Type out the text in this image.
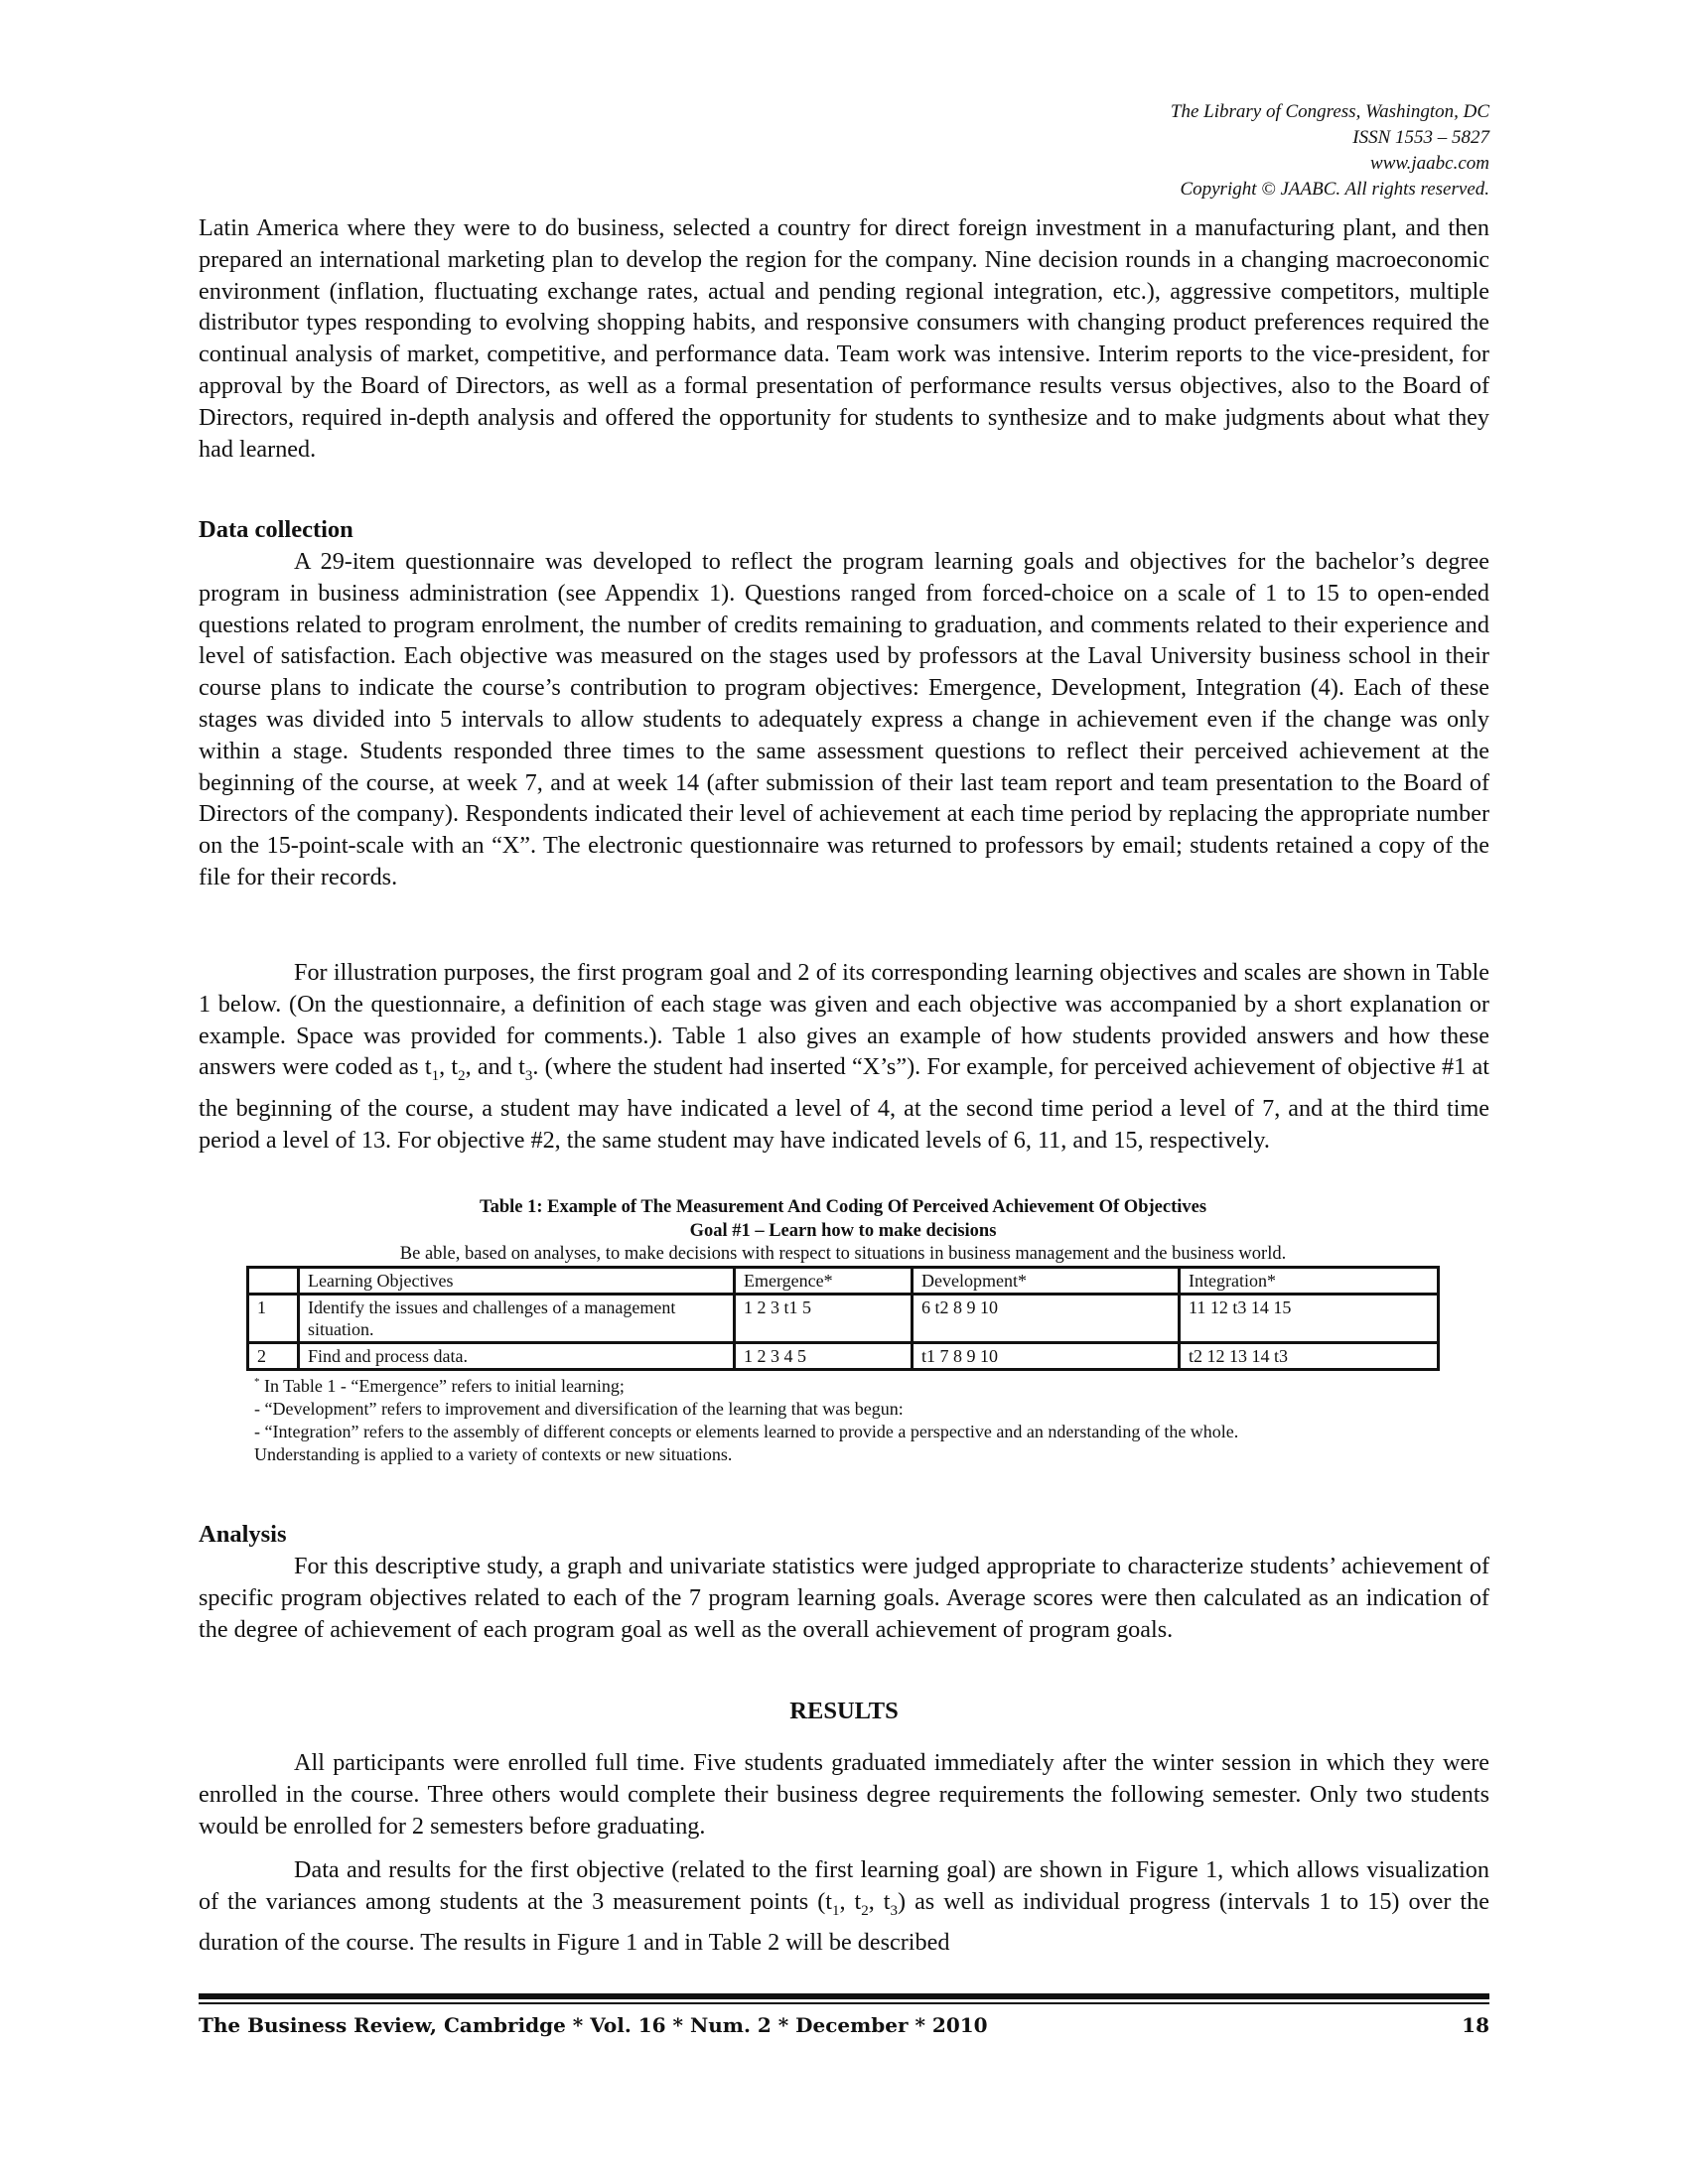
The Library of Congress, Washington, DC
ISSN 1553 – 5827
www.jaabc.com
Copyright © JAABC. All rights reserved.

Latin America where they were to do business, selected a country for direct foreign investment in a manufacturing plant, and then prepared an international marketing plan to develop the region for the company. Nine decision rounds in a changing macroeconomic environment (inflation, fluctuating exchange rates, actual and pending regional integration, etc.), aggressive competitors, multiple distributor types responding to evolving shopping habits, and responsive consumers with changing product preferences required the continual analysis of market, competitive, and performance data. Team work was intensive. Interim reports to the vice-president, for approval by the Board of Directors, as well as a formal presentation of performance results versus objectives, also to the Board of Directors, required in-depth analysis and offered the opportunity for students to synthesize and to make judgments about what they had learned.

Data collection

A 29-item questionnaire was developed to reflect the program learning goals and objectives for the bachelor’s degree program in business administration (see Appendix 1). Questions ranged from forced-choice on a scale of 1 to 15 to open-ended questions related to program enrolment, the number of credits remaining to graduation, and comments related to their experience and level of satisfaction. Each objective was measured on the stages used by professors at the Laval University business school in their course plans to indicate the course’s contribution to program objectives: Emergence, Development, Integration (4). Each of these stages was divided into 5 intervals to allow students to adequately express a change in achievement even if the change was only within a stage. Students responded three times to the same assessment questions to reflect their perceived achievement at the beginning of the course, at week 7, and at week 14 (after submission of their last team report and team presentation to the Board of Directors of the company). Respondents indicated their level of achievement at each time period by replacing the appropriate number on the 15-point-scale with an “X”. The electronic questionnaire was returned to professors by email; students retained a copy of the file for their records.

For illustration purposes, the first program goal and 2 of its corresponding learning objectives and scales are shown in Table 1 below. (On the questionnaire, a definition of each stage was given and each objective was accompanied by a short explanation or example. Space was provided for comments.). Table 1 also gives an example of how students provided answers and how these answers were coded as $t_1$, $t_2$, and $t_3$. (where the student had inserted “X’s”). For example, for perceived achievement of objective #1 at the beginning of the course, a student may have indicated a level of 4, at the second time period a level of 7, and at the third time period a level of 13. For objective #2, the same student may have indicated levels of 6, 11, and 15, respectively.

Table 1: Example of The Measurement And Coding Of Perceived Achievement Of Objectives
Goal #1 – Learn how to make decisions
Be able, based on analyses, to make decisions with respect to situations in business management and the business world.
	Learning Objectives	Emergence*	Development*	Integration*
1	Identify the issues and challenges of a management situation.	1 2 3 t1 5	6 t2 8 9 10	11 12 t3 14 15
2	Find and process data.	1 2 3 4 5	t1 7 8 9 10	t2 12 13 14 t3

* In Table 1 - “Emergence” refers to initial learning;

- “Development” refers to improvement and diversification of the learning that was begun:

- “Integration” refers to the assembly of different concepts or elements learned to provide a perspective and an nderstanding of the whole.

Understanding is applied to a variety of contexts or new situations.

Analysis

For this descriptive study, a graph and univariate statistics were judged appropriate to characterize students’ achievement of specific program objectives related to each of the 7 program learning goals. Average scores were then calculated as an indication of the degree of achievement of each program goal as well as the overall achievement of program goals.

RESULTS

All participants were enrolled full time. Five students graduated immediately after the winter session in which they were enrolled in the course. Three others would complete their business degree requirements the following semester. Only two students would be enrolled for 2 semesters before graduating.

Data and results for the first objective (related to the first learning goal) are shown in Figure 1, which allows visualization of the variances among students at the 3 measurement points ($t_1$, $t_2$, $t_3$) as well as individual progress (intervals 1 to 15) over the duration of the course. The results in Figure 1 and in Table 2 will be described

The Business Review, Cambridge * Vol. 16 * Num. 2 * December * 2010	18
